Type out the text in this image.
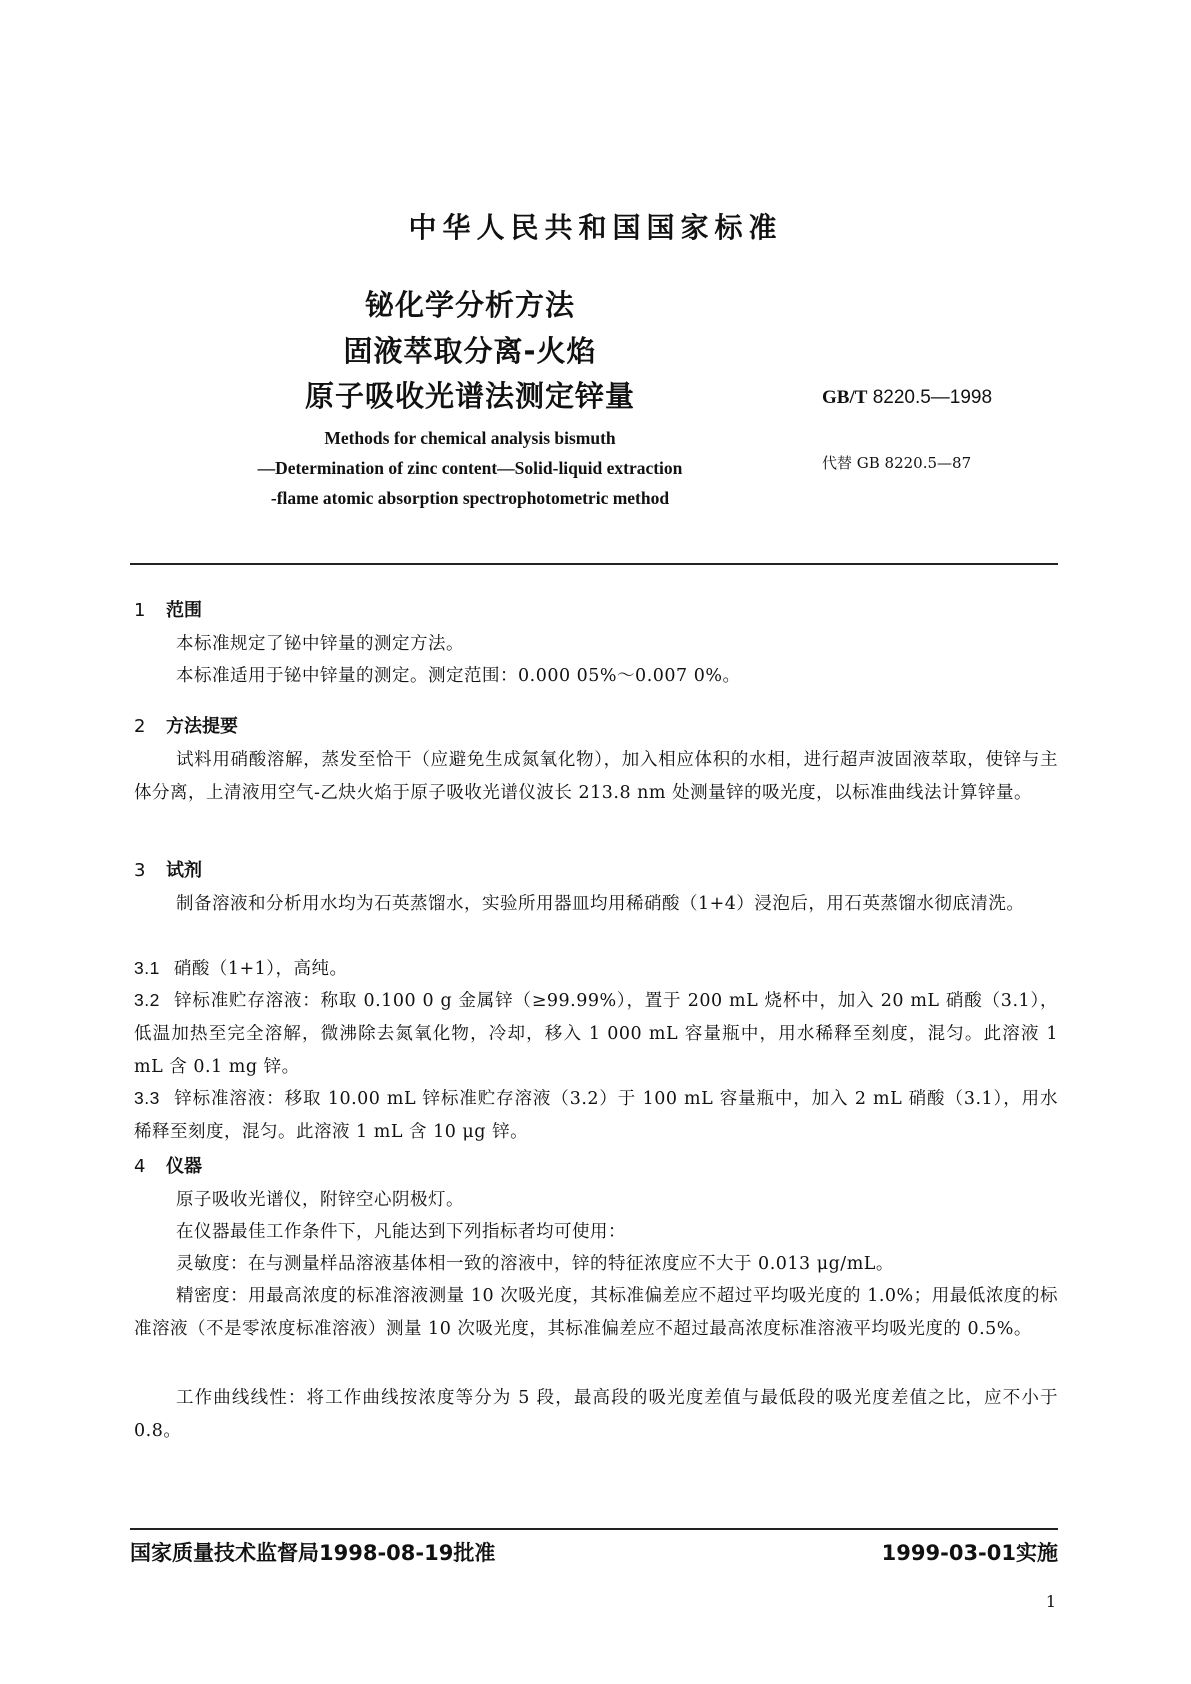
中华人民共和国国家标准
铋化学分析方法
固液萃取分离-火焰
原子吸收光谱法测定锌量	GB/T 8220.5—1998
代替 GB 8220.5—87
Methods for chemical analysis bismuth
—Determination of zinc content—Solid-liquid extraction
-flame atomic absorption spectrophotometric method
1 范围
本标准规定了铋中锌量的测定方法。
本标准适用于铋中锌量的测定。测定范围：0.000 05%～0.007 0%。
2 方法提要
试料用硝酸溶解，蒸发至恰干（应避免生成氮氧化物），加入相应体积的水相，进行超声波固液萃取，使锌与主体分离，上清液用空气-乙炔火焰于原子吸收光谱仪波长 213.8 nm 处测量锌的吸光度，以标准曲线法计算锌量。
3 试剂
制备溶液和分析用水均为石英蒸馏水，实验所用器皿均用稀硝酸（1+4）浸泡后，用石英蒸馏水彻底清洗。
3.1 硝酸（1+1），高纯。
3.2 锌标准贮存溶液：称取 0.100 0 g 金属锌（≥99.99%），置于 200 mL 烧杯中，加入 20 mL 硝酸（3.1），低温加热至完全溶解，微沸除去氮氧化物，冷却，移入 1 000 mL 容量瓶中，用水稀释至刻度，混匀。此溶液 1 mL 含 0.1 mg 锌。
3.3 锌标准溶液：移取 10.00 mL 锌标准贮存溶液（3.2）于 100 mL 容量瓶中，加入 2 mL 硝酸（3.1），用水稀释至刻度，混匀。此溶液 1 mL 含 10 μg 锌。
4 仪器
原子吸收光谱仪，附锌空心阴极灯。
在仪器最佳工作条件下，凡能达到下列指标者均可使用：
灵敏度：在与测量样品溶液基体相一致的溶液中，锌的特征浓度应不大于 0.013 μg/mL。
精密度：用最高浓度的标准溶液测量 10 次吸光度，其标准偏差应不超过平均吸光度的 1.0%；用最低浓度的标准溶液（不是零浓度标准溶液）测量 10 次吸光度，其标准偏差应不超过最高浓度标准溶液平均吸光度的 0.5%。
工作曲线线性：将工作曲线按浓度等分为 5 段，最高段的吸光度差值与最低段的吸光度差值之比，应不小于 0.8。
国家质量技术监督局1998-08-19批准	1999-03-01实施
1
